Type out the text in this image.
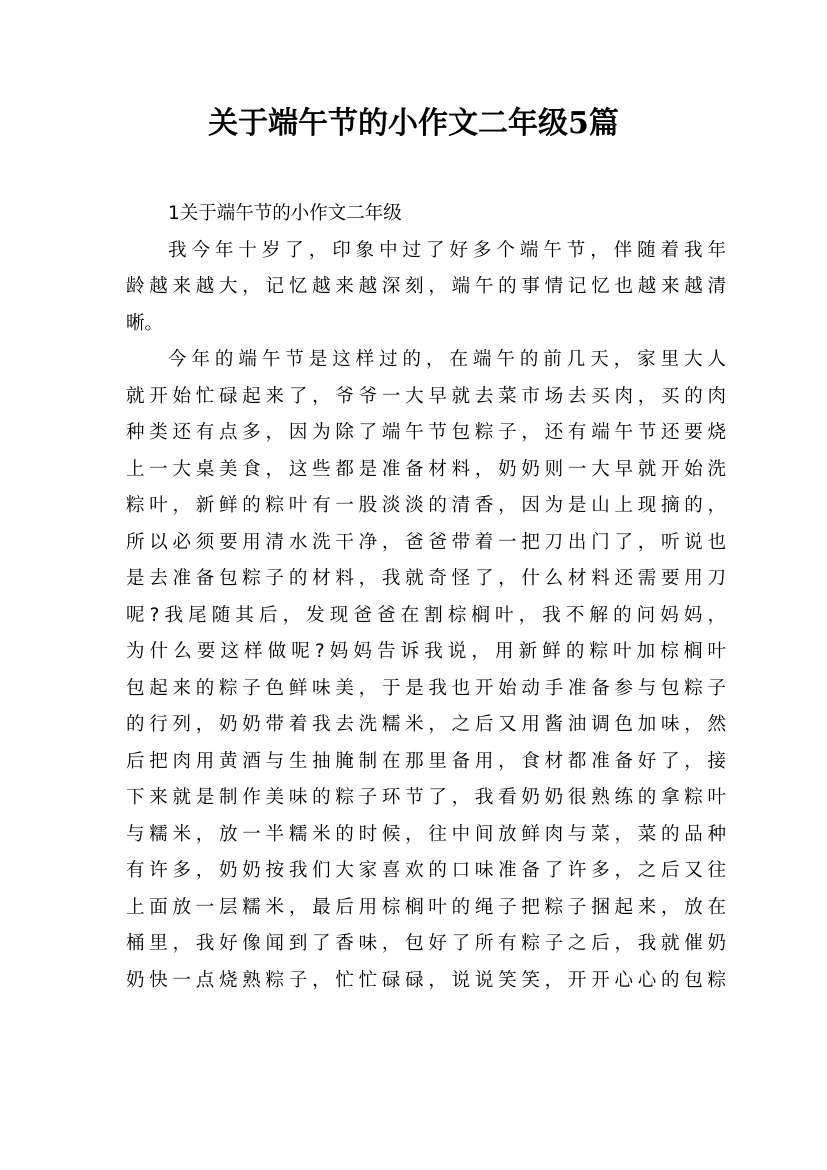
关于端午节的小作文二年级5篇
1关于端午节的小作文二年级
我今年十岁了，印象中过了好多个端午节，伴随着我年
龄越来越大，记忆越来越深刻，端午的事情记忆也越来越清
晰。
今年的端午节是这样过的，在端午的前几天，家里大人
就开始忙碌起来了，爷爷一大早就去菜市场去买肉，买的肉
种类还有点多，因为除了端午节包粽子，还有端午节还要烧
上一大桌美食，这些都是准备材料，奶奶则一大早就开始洗
粽叶，新鲜的粽叶有一股淡淡的清香，因为是山上现摘的，
所以必须要用清水洗干净，爸爸带着一把刀出门了，听说也
是去准备包粽子的材料，我就奇怪了，什么材料还需要用刀
呢?我尾随其后，发现爸爸在割棕榈叶，我不解的问妈妈，
为什么要这样做呢?妈妈告诉我说，用新鲜的粽叶加棕榈叶
包起来的粽子色鲜味美，于是我也开始动手准备参与包粽子
的行列，奶奶带着我去洗糯米，之后又用酱油调色加味，然
后把肉用黄酒与生抽腌制在那里备用，食材都准备好了，接
下来就是制作美味的粽子环节了，我看奶奶很熟练的拿粽叶
与糯米，放一半糯米的时候，往中间放鲜肉与菜，菜的品种
有许多，奶奶按我们大家喜欢的口味准备了许多，之后又往
上面放一层糯米，最后用棕榈叶的绳子把粽子捆起来，放在
桶里，我好像闻到了香味，包好了所有粽子之后，我就催奶
奶快一点烧熟粽子，忙忙碌碌，说说笑笑，开开心心的包粽
